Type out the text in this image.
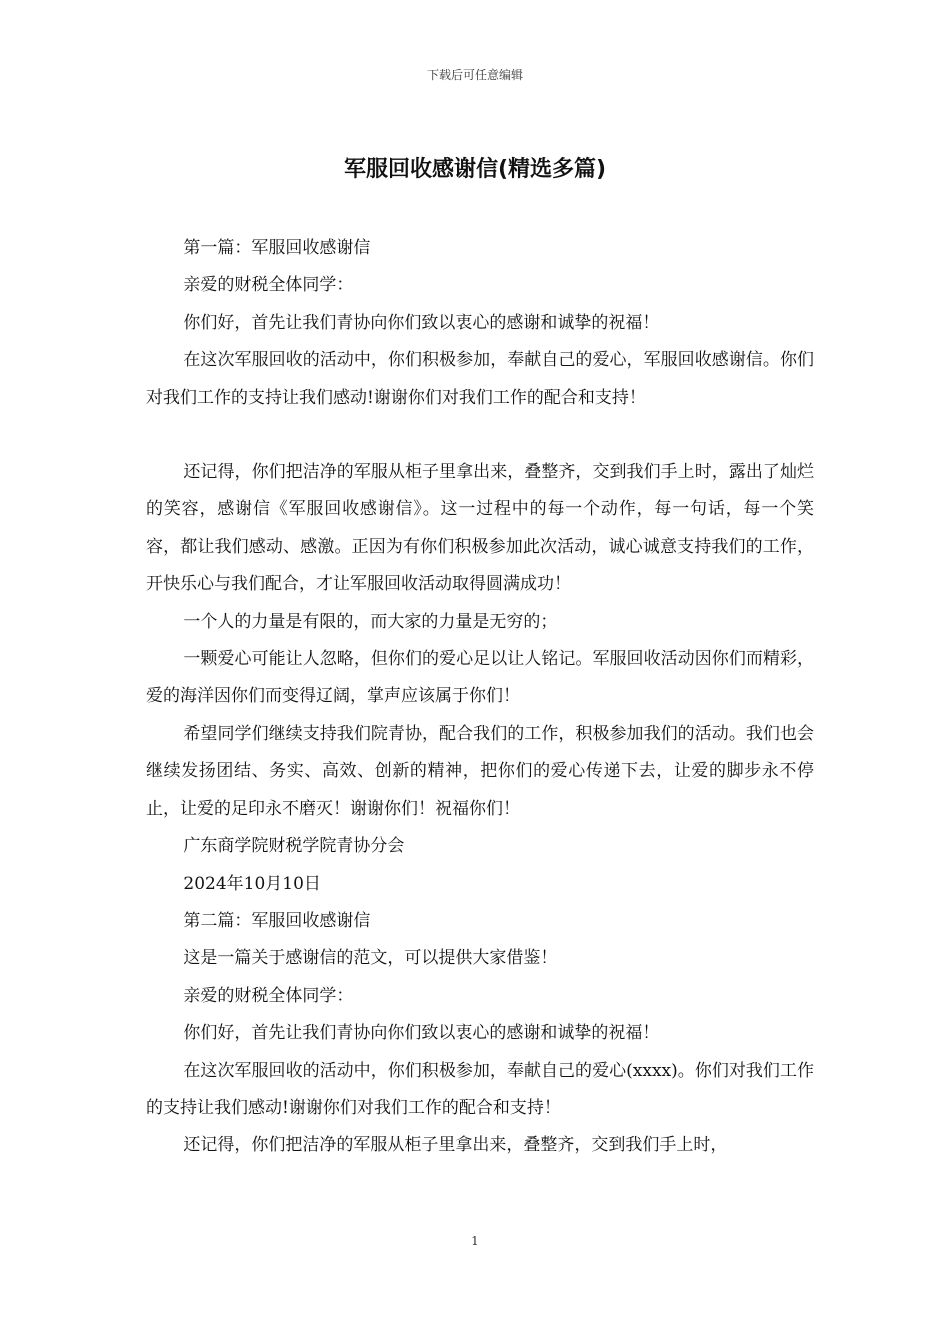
下载后可任意编辑
军服回收感谢信(精选多篇)

第一篇：军服回收感谢信

亲爱的财税全体同学：

你们好，首先让我们青协向你们致以衷心的感谢和诚挚的祝福！

在这次军服回收的活动中，你们积极参加，奉献自己的爱心，军服回收感谢信。你们对我们工作的支持让我们感动!谢谢你们对我们工作的配合和支持！

还记得，你们把洁净的军服从柜子里拿出来，叠整齐，交到我们手上时，露出了灿烂的笑容，感谢信《军服回收感谢信》。这一过程中的每一个动作，每一句话，每一个笑容，都让我们感动、感激。正因为有你们积极参加此次活动，诚心诚意支持我们的工作，开快乐心与我们配合，才让军服回收活动取得圆满成功！

一个人的力量是有限的，而大家的力量是无穷的；

一颗爱心可能让人忽略，但你们的爱心足以让人铭记。军服回收活动因你们而精彩，爱的海洋因你们而变得辽阔，掌声应该属于你们！

希望同学们继续支持我们院青协，配合我们的工作，积极参加我们的活动。我们也会继续发扬团结、务实、高效、创新的精神，把你们的爱心传递下去，让爱的脚步永不停止，让爱的足印永不磨灭！谢谢你们！祝福你们！

广东商学院财税学院青协分会

2024年10月10日

第二篇：军服回收感谢信

这是一篇关于感谢信的范文，可以提供大家借鉴！

亲爱的财税全体同学：

你们好，首先让我们青协向你们致以衷心的感谢和诚挚的祝福！

在这次军服回收的活动中，你们积极参加，奉献自己的爱心(xxxx)。你们对我们工作的支持让我们感动!谢谢你们对我们工作的配合和支持！

还记得，你们把洁净的军服从柜子里拿出来，叠整齐，交到我们手上时，

1
